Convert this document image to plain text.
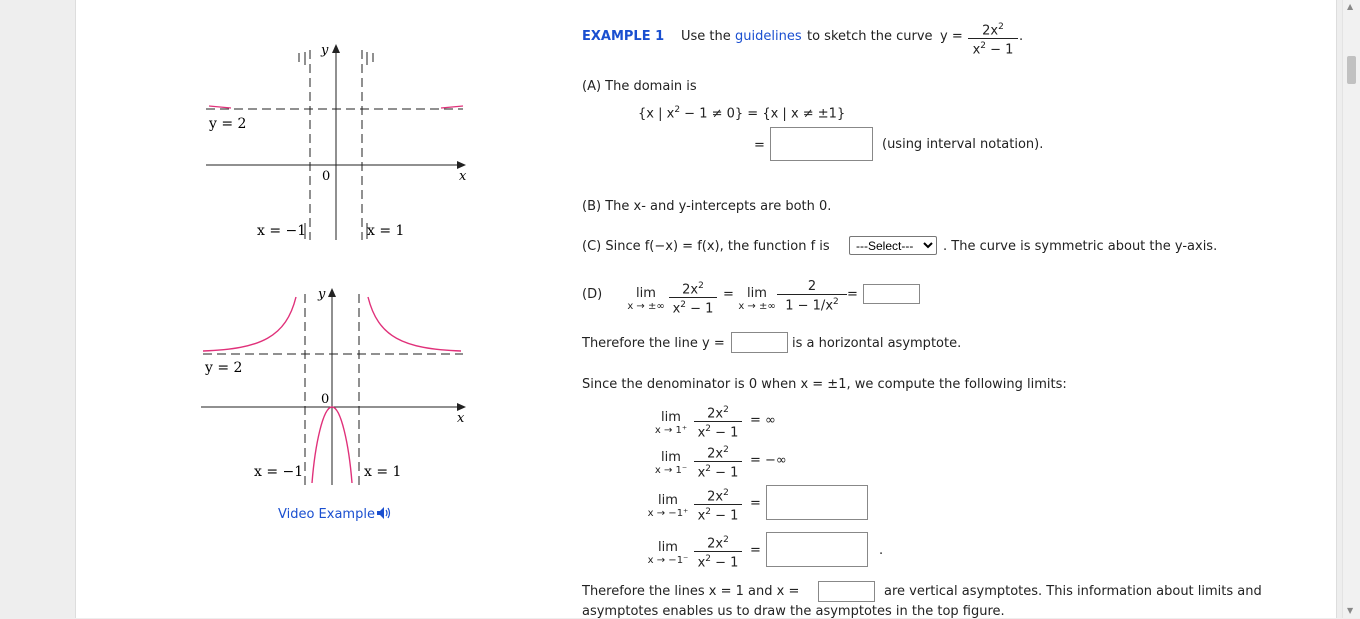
y
x
0
y = 2
x = −1	x = 1
y
x
0
y = 2
x = −1	x = 1
Video Example
EXAMPLE 1 Use the guidelines to sketch the curve $y = \frac{2x^2}{x^2 - 1}$ .
(A) The domain is
{x | $x^2 - 1 \ne 0\} = \{x$ | x ≠ ±1}
=	(using interval notation).
(B) The x- and y-intercepts are both 0.
(C) Since f(−x) = f(x), the function f is
---Select---	. The curve is symmetric about the y-axis.
(D)	lim
x → ±∞ $\frac{2x^2}{x^2 - 1}$ =	lim
x → ±∞ $\frac{2}{1 - 1/x^2}$ =
Therefore the line y =	is a horizontal asymptote.
Since the denominator is 0 when x = ±1, we compute the following limits:
lim
$x \to 1^+ \frac{2x^2}{x^2 - 1}$ = ∞
lim
$x \to 1^- \frac{2x^2}{x^2 - 1}$ = −∞
lim
$x \to -1^+ \frac{2x^2}{x^2 - 1}$ =
lim
$x \to -1^- \frac{2x^2}{x^2 - 1}$ =	.
Therefore the lines x = 1 and x =	are vertical asymptotes. This information about limits and
asymptotes enables us to draw the asymptotes in the top figure.
▲
▼
